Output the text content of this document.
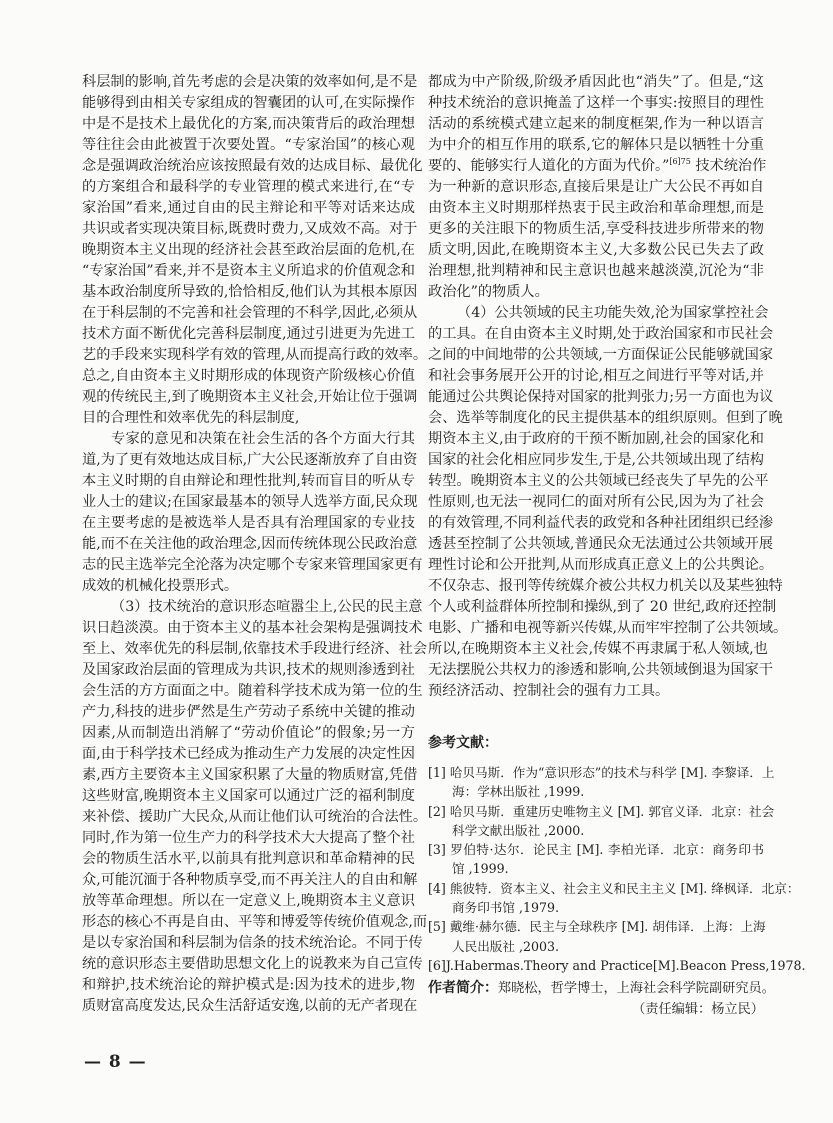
科层制的影响,首先考虑的会是决策的效率如何,是不是
能够得到由相关专家组成的智囊团的认可,在实际操作
中是不是技术上最优化的方案,而决策背后的政治理想
等往往会由此被置于次要处置。“专家治国”的核心观
念是强调政治统治应该按照最有效的达成目标、最优化
的方案组合和最科学的专业管理的模式来进行,在“专
家治国”看来,通过自由的民主辩论和平等对话来达成
共识或者实现决策目标,既费时费力,又成效不高。对于
晚期资本主义出现的经济社会甚至政治层面的危机,在
“专家治国”看来,并不是资本主义所追求的价值观念和
基本政治制度所导致的,恰恰相反,他们认为其根本原因
在于科层制的不完善和社会管理的不科学,因此,必须从
技术方面不断优化完善科层制度,通过引进更为先进工
艺的手段来实现科学有效的管理,从而提高行政的效率。
总之,自由资本主义时期形成的体现资产阶级核心价值
观的传统民主,到了晚期资本主义社会,开始让位于强调
目的合理性和效率优先的科层制度,
专家的意见和决策在社会生活的各个方面大行其
道,为了更有效地达成目标,广大公民逐渐放弃了自由资
本主义时期的自由辩论和理性批判,转而盲目的听从专
业人士的建议;在国家最基本的领导人选举方面,民众现
在主要考虑的是被选举人是否具有治理国家的专业技
能,而不在关注他的政治理念,因而传统体现公民政治意
志的民主选举完全沦落为决定哪个专家来管理国家更有
成效的机械化投票形式。
（3）技术统治的意识形态喧嚣尘上,公民的民主意
识日趋淡漠。由于资本主义的基本社会架构是强调技术
至上、效率优先的科层制,依靠技术手段进行经济、社会
及国家政治层面的管理成为共识,技术的规则渗透到社
会生活的方方面面之中。随着科学技术成为第一位的生
产力,科技的进步俨然是生产劳动子系统中关键的推动
因素,从而制造出消解了“劳动价值论”的假象;另一方
面,由于科学技术已经成为推动生产力发展的决定性因
素,西方主要资本主义国家积累了大量的物质财富,凭借
这些财富,晚期资本主义国家可以通过广泛的福利制度
来补偿、援助广大民众,从而让他们认可统治的合法性。
同时,作为第一位生产力的科学技术大大提高了整个社
会的物质生活水平,以前具有批判意识和革命精神的民
众,可能沉湎于各种物质享受,而不再关注人的自由和解
放等革命理想。所以在一定意义上,晚期资本主义意识
形态的核心不再是自由、平等和博爱等传统价值观念,而
是以专家治国和科层制为信条的技术统治论。不同于传
统的意识形态主要借助思想文化上的说教来为自己宣传
和辩护,技术统治论的辩护模式是:因为技术的进步,物
质财富高度发达,民众生活舒适安逸,以前的无产者现在
都成为中产阶级,阶级矛盾因此也“消失”了。但是,“这
种技术统治的意识掩盖了这样一个事实:按照目的理性
活动的系统模式建立起来的制度框架,作为一种以语言
为中介的相互作用的联系,它的解体只是以牺牲十分重
要的、能够实行人道化的方面为代价。”$^{[6]75}$ 技术统治作
为一种新的意识形态,直接后果是让广大公民不再如自
由资本主义时期那样热衷于民主政治和革命理想,而是
更多的关注眼下的物质生活,享受科技进步所带来的物
质文明,因此,在晚期资本主义,大多数公民已失去了政
治理想,批判精神和民主意识也越来越淡漠,沉沦为“非
政治化”的物质人。
（4）公共领域的民主功能失效,沦为国家掌控社会
的工具。在自由资本主义时期,处于政治国家和市民社会
之间的中间地带的公共领域,一方面保证公民能够就国家
和社会事务展开公开的讨论,相互之间进行平等对话,并
能通过公共舆论保持对国家的批判张力;另一方面也为议
会、选举等制度化的民主提供基本的组织原则。但到了晚
期资本主义,由于政府的干预不断加剧,社会的国家化和
国家的社会化相应同步发生,于是,公共领域出现了结构
转型。晚期资本主义的公共领域已经丧失了早先的公平
性原则,也无法一视同仁的面对所有公民,因为为了社会
的有效管理,不同利益代表的政党和各种社团组织已经渗
透甚至控制了公共领域,普通民众无法通过公共领域开展
理性讨论和公开批判,从而形成真正意义上的公共舆论。
不仅杂志、报刊等传统媒介被公共权力机关以及某些独特
个人或利益群体所控制和操纵,到了 20 世纪,政府还控制
电影、广播和电视等新兴传媒,从而牢牢控制了公共领域。
所以,在晚期资本主义社会,传媒不再隶属于私人领域,也
无法摆脱公共权力的渗透和影响,公共领域倒退为国家干
预经济活动、控制社会的强有力工具。
参考文献：
[1] 哈贝马斯．作为“意识形态”的技术与科学 [M]. 李黎译．上
海：学林出版社 ,1999.
[2] 哈贝马斯．重建历史唯物主义 [M]. 郭官义译．北京：社会
科学文献出版社 ,2000.
[3] 罗伯特·达尔．论民主 [M]. 李柏光译．北京：商务印书
馆 ,1999.
[4] 熊彼特．资本主义、社会主义和民主主义 [M]. 绛枫译．北京：
商务印书馆 ,1979.
[5] 戴维·赫尔德．民主与全球秩序 [M]. 胡伟译．上海：上海
人民出版社 ,2003.
[6]J.Habermas.Theory and Practice[M].Beacon Press,1978.
作者简介：郑晓松，哲学博士，上海社会科学院副研究员。
（责任编辑：杨立民）
— 8 —
